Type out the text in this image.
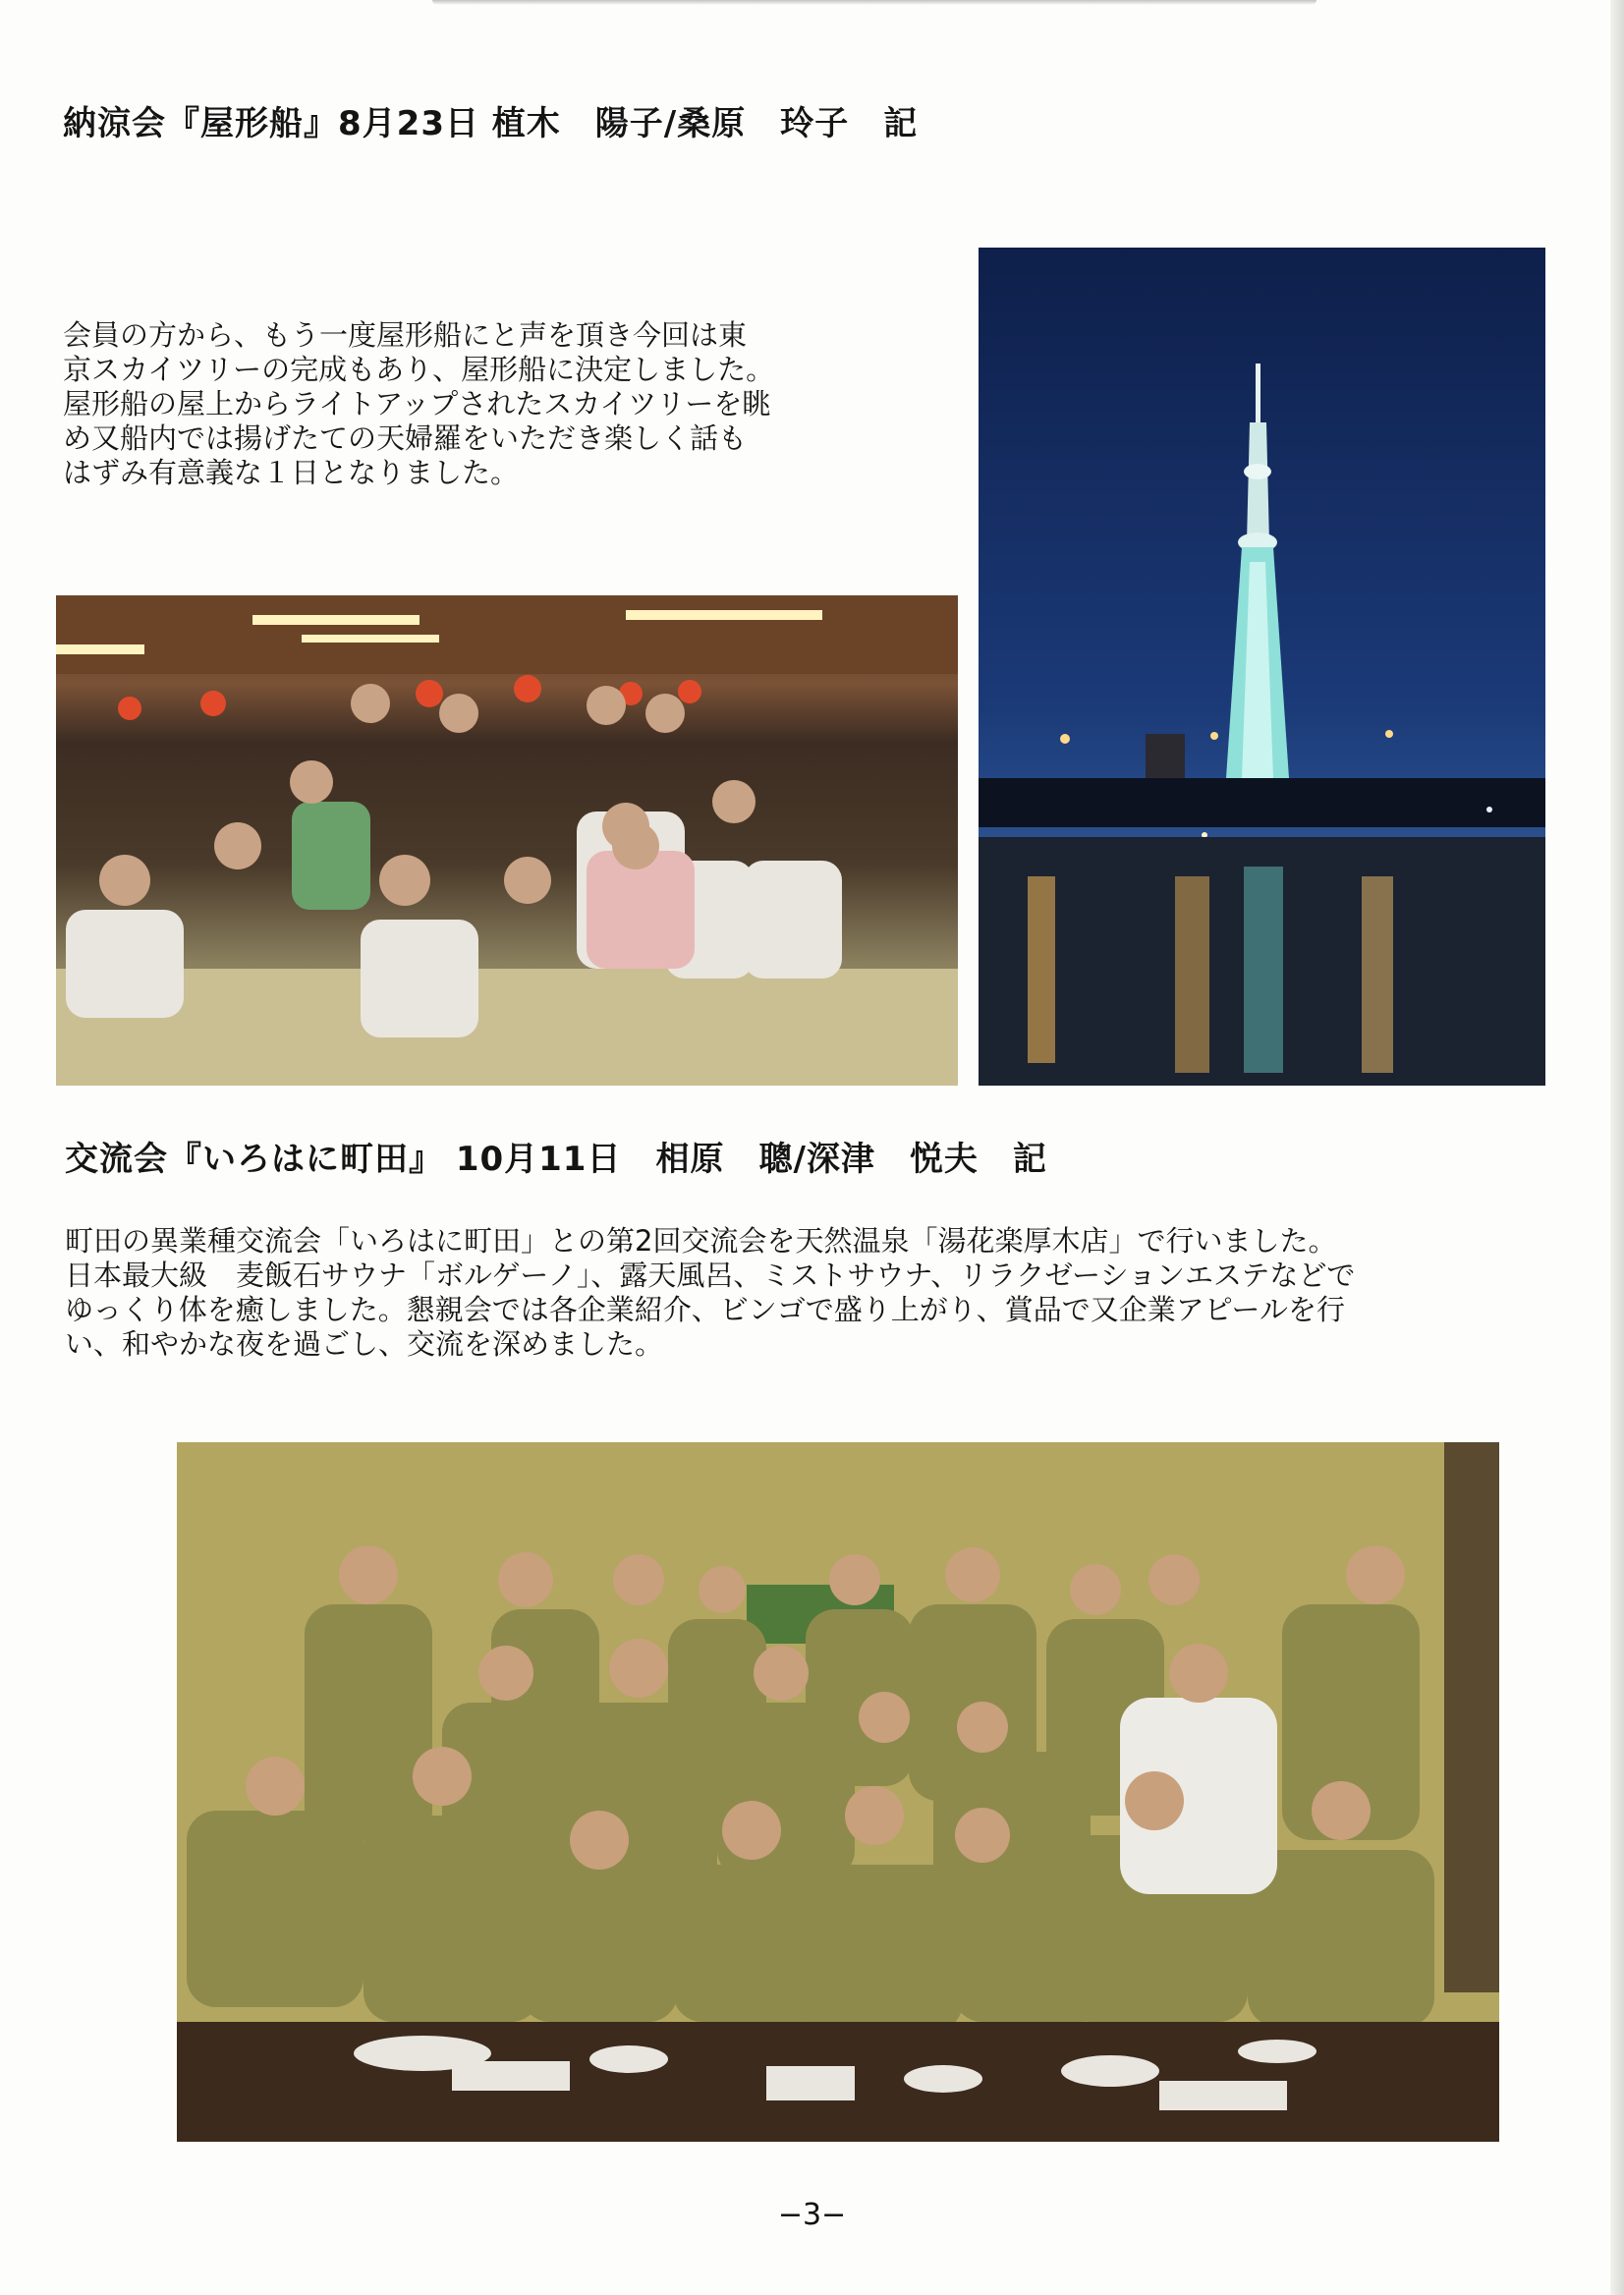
納涼会『屋形船』8月23日 植木　陽子/桑原　玲子　記
会員の方から、もう一度屋形船にと声を頂き今回は東
京スカイツリーの完成もあり、屋形船に決定しました。
屋形船の屋上からライトアップされたスカイツリーを眺
め又船内では揚げたての天婦羅をいただき楽しく話も
はずみ有意義な１日となりました。
交流会『いろはに町田』 10月11日　相原　聰/深津　悦夫　記
町田の異業種交流会「いろはに町田」との第2回交流会を天然温泉「湯花楽厚木店」で行いました。
日本最大級　麦飯石サウナ「ボルゲーノ」、露天風呂、ミストサウナ、リラクゼーションエステなどで
ゆっくり体を癒しました。懇親会では各企業紹介、ビンゴで盛り上がり、賞品で又企業アピールを行
い、和やかな夜を過ごし、交流を深めました。
−3−
